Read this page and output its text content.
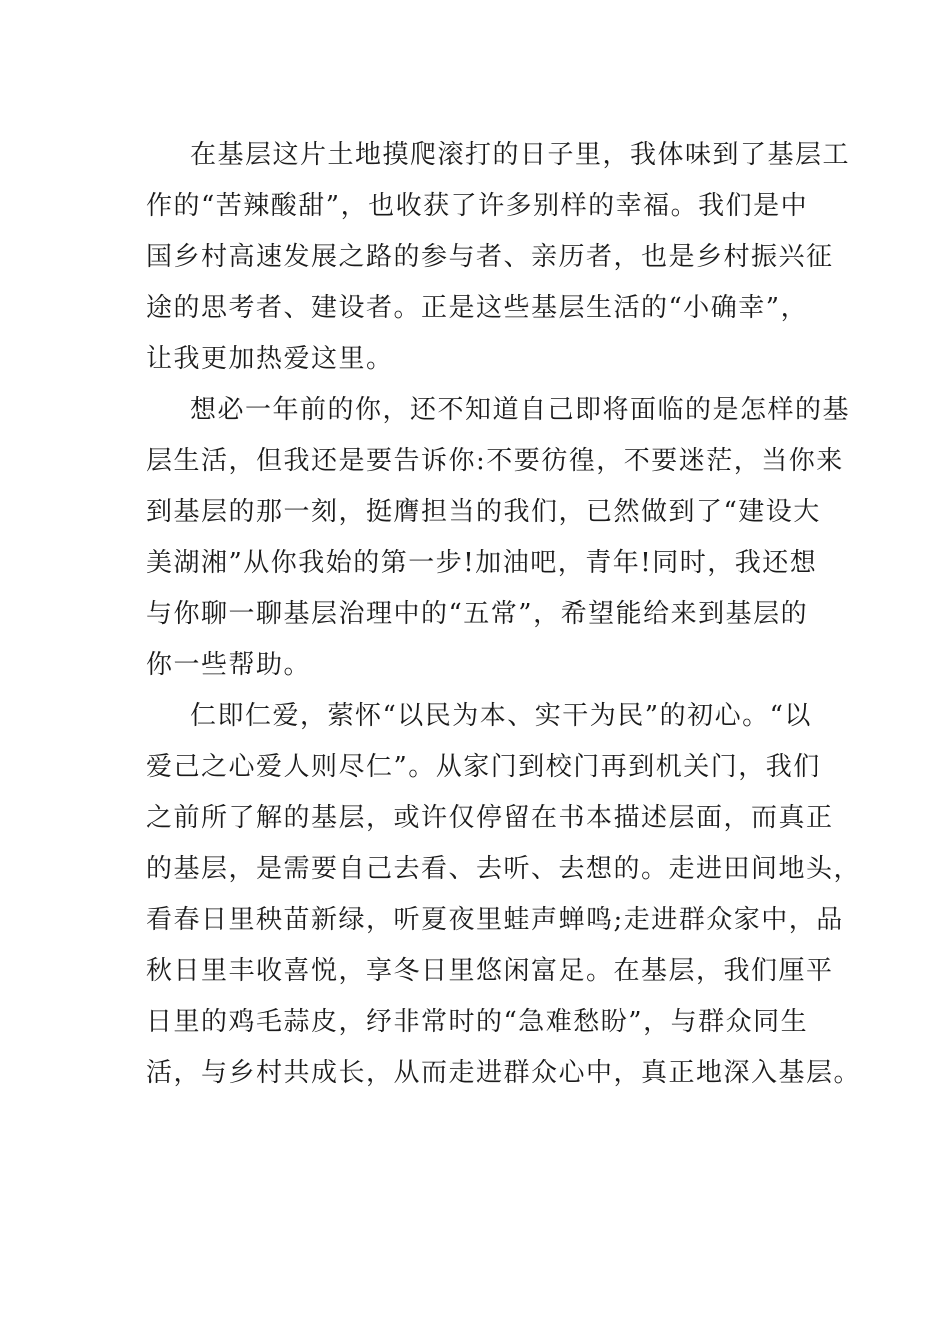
在基层这片土地摸爬滚打的日子里，我体味到了基层工
作的“苦辣酸甜”，也收获了许多别样的幸福。我们是中
国乡村高速发展之路的参与者、亲历者，也是乡村振兴征
途的思考者、建设者。正是这些基层生活的“小确幸”，
让我更加热爱这里。
想必一年前的你，还不知道自己即将面临的是怎样的基
层生活，但我还是要告诉你:不要彷徨，不要迷茫，当你来
到基层的那一刻，挺膺担当的我们，已然做到了“建设大
美湖湘”从你我始的第一步!加油吧，青年!同时，我还想
与你聊一聊基层治理中的“五常”，希望能给来到基层的
你一些帮助。
仁即仁爱，萦怀“以民为本、实干为民”的初心。“以
爱己之心爱人则尽仁”。从家门到校门再到机关门，我们
之前所了解的基层，或许仅停留在书本描述层面，而真正
的基层，是需要自己去看、去听、去想的。走进田间地头，
看春日里秧苗新绿，听夏夜里蛙声蝉鸣;走进群众家中，品
秋日里丰收喜悦，享冬日里悠闲富足。在基层，我们厘平
日里的鸡毛蒜皮，纾非常时的“急难愁盼”，与群众同生
活，与乡村共成长，从而走进群众心中，真正地深入基层。
